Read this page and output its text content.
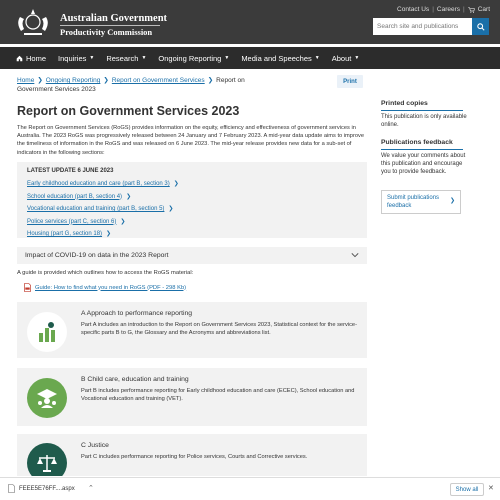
Australian Government
Productivity Commission
Contact Us | Careers | Cart
Search site and publications
Home Inquiries ▼ Research ▼ Ongoing Reporting ▼ Media and Speeches ▼ About ▼
Home ❯ Ongoing Reporting ❯ Report on Government Services ❯ Report on Government Services 2023
Print
Report on Government Services 2023

The Report on Government Services (RoGS) provides information on the equity, efficiency and effectiveness of government services in Australia. The 2023 RoGS was progressively released between 24 January and 7 February 2023. A mid-year data update aims to improve the timeliness of information in the RoGS and was released on 6 June 2023. The mid-year release provides new data for a sub-set of indicators in the following sections:

LATEST UPDATE 6 JUNE 2023
Early childhood education and care (part B, section 3) ❯
School education (part B, section 4) ❯
Vocational education and training (part B, section 5) ❯
Police services (part C, section 6) ❯
Housing (part G, section 18) ❯
Impact of COVID-19 on data in the 2023 Report
A guide is provided which outlines how to access the RoGS material:
Guide: How to find what you need in RoGS (PDF - 298 Kb)
A Approach to performance reporting
Part A includes an introduction to the Report on Government Services 2023, Statistical context for the service-specific parts B to G, the Glossary and the Acronyms and abbreviations list.
B Child care, education and training
Part B includes performance reporting for Early childhood education and care (ECEC), School education and Vocational education and training (VET).
C Justice
Part C includes performance reporting for Police services, Courts and Corrective services.
Printed copies
This publication is only available online.
Publications feedback
We value your comments about this publication and encourage you to provide feedback.
Submit publications feedback
❯
FEEE5E76FF....aspx ⌃	Show all	✕
